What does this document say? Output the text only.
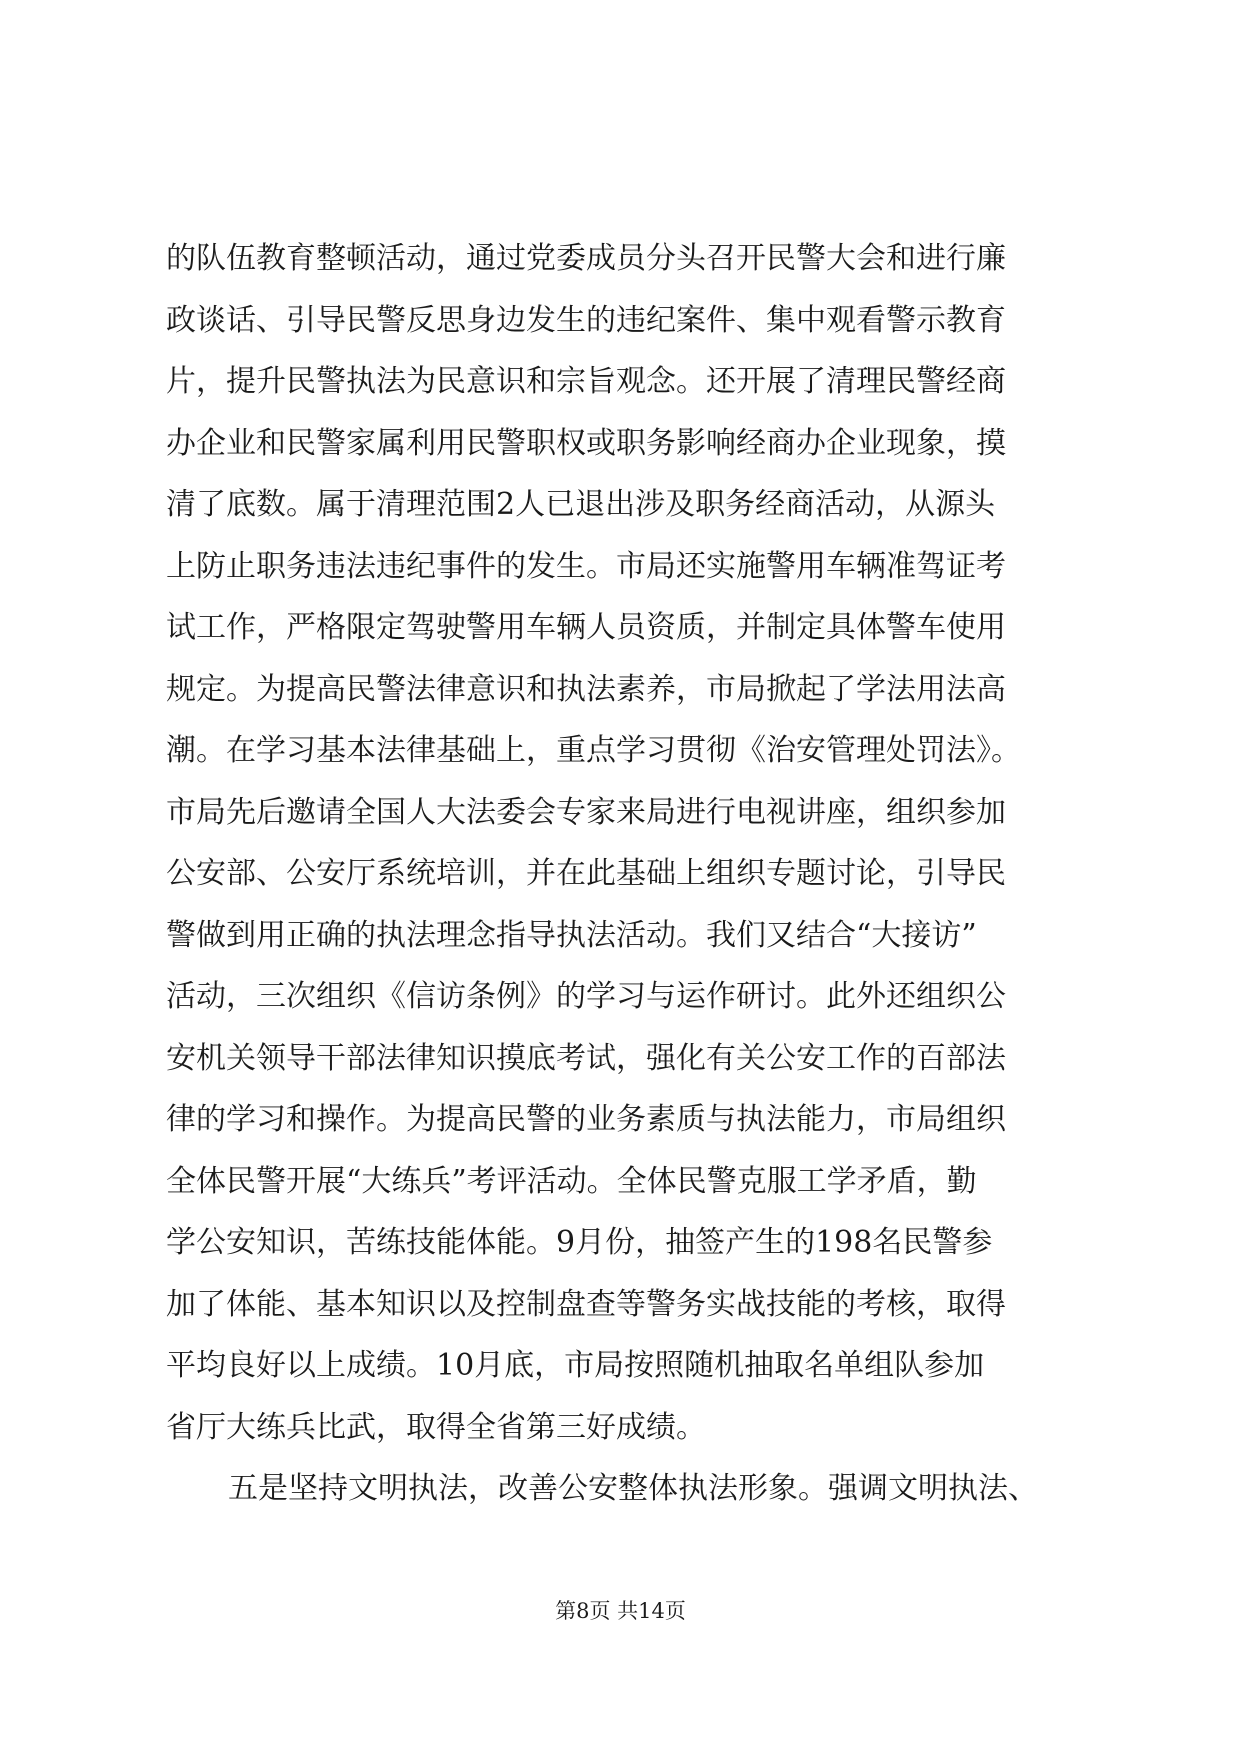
的队伍教育整顿活动，通过党委成员分头召开民警大会和进行廉
政谈话、引导民警反思身边发生的违纪案件、集中观看警示教育
片，提升民警执法为民意识和宗旨观念。还开展了清理民警经商
办企业和民警家属利用民警职权或职务影响经商办企业现象，摸
清了底数。属于清理范围2人已退出涉及职务经商活动，从源头
上防止职务违法违纪事件的发生。市局还实施警用车辆准驾证考
试工作，严格限定驾驶警用车辆人员资质，并制定具体警车使用
规定。为提高民警法律意识和执法素养，市局掀起了学法用法高
潮。在学习基本法律基础上，重点学习贯彻《治安管理处罚法》。
市局先后邀请全国人大法委会专家来局进行电视讲座，组织参加
公安部、公安厅系统培训，并在此基础上组织专题讨论，引导民
警做到用正确的执法理念指导执法活动。我们又结合“大接访”
活动，三次组织《信访条例》的学习与运作研讨。此外还组织公
安机关领导干部法律知识摸底考试，强化有关公安工作的百部法
律的学习和操作。为提高民警的业务素质与执法能力，市局组织
全体民警开展“大练兵”考评活动。全体民警克服工学矛盾，勤
学公安知识，苦练技能体能。9月份，抽签产生的198名民警参
加了体能、基本知识以及控制盘查等警务实战技能的考核，取得
平均良好以上成绩。10月底，市局按照随机抽取名单组队参加
省厅大练兵比武，取得全省第三好成绩。
五是坚持文明执法，改善公安整体执法形象。强调文明执法、
第8页 共14页
